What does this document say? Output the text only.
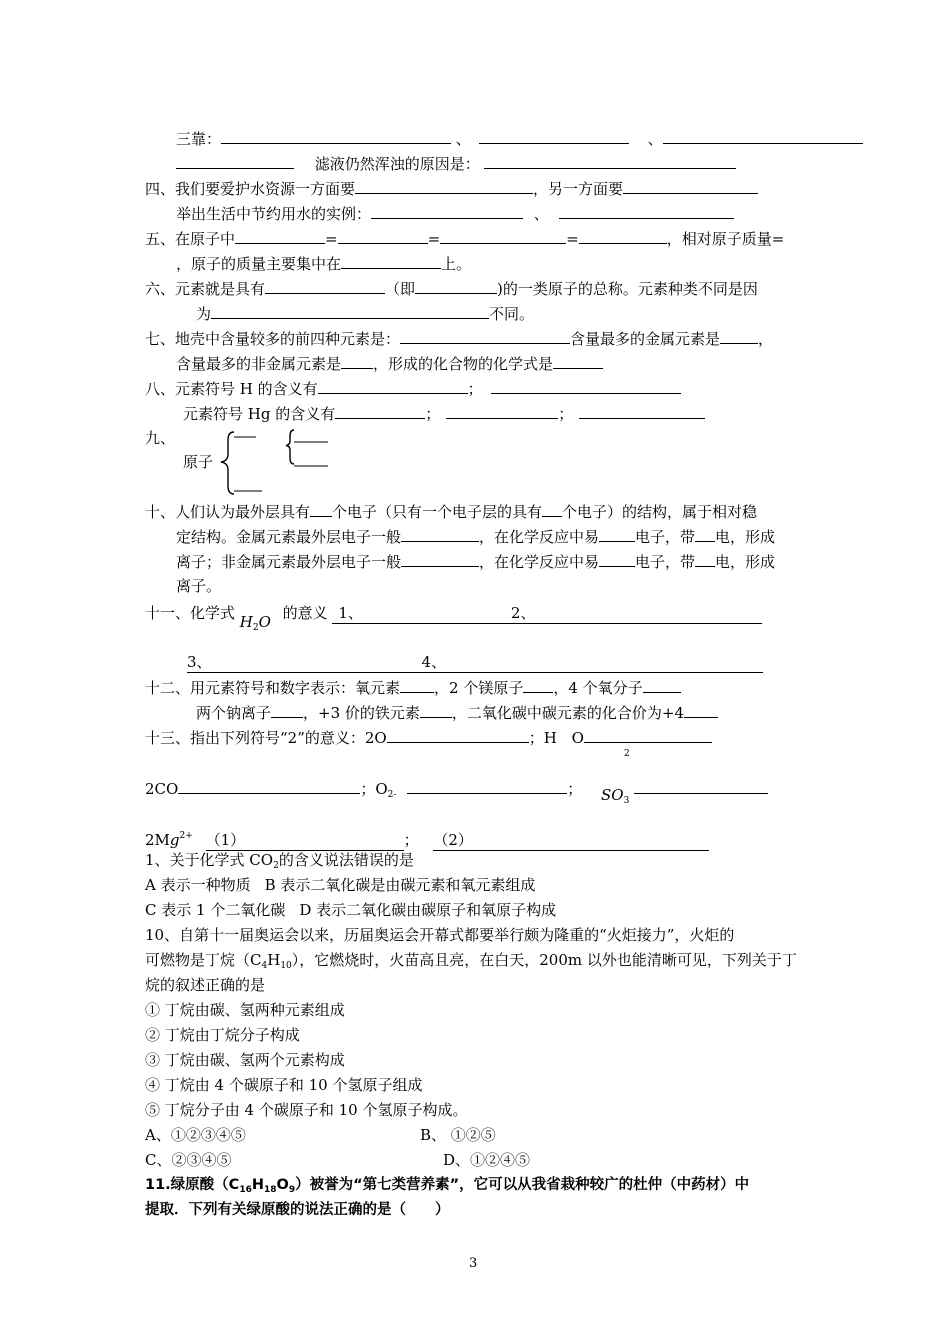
三靠：	、	、
滤液仍然浑浊的原因是：
四、我们要爱护水资源一方面要	，另一方面要
举出生活中节约用水的实例：	、
五、在原子中	=	=	=	，相对原子质量=
，原子的质量主要集中在	上。
六、元素就是具有	（即	)的一类原子的总称。元素种类不同是因
为	不同。
七、地壳中含量较多的前四种元素是：	含量最多的金属元素是	，
含量最多的非金属元素是 ，形成的化合物的化学式是
八、元素符号 H 的含义有	；
元素符号 Hg 的含义有	；	；
九、
原子
十、人们认为最外层具有 个电子（只有一个电子层的具有 个电子）的结构，属于相对稳
定结构。金属元素最外层电子一般	，在化学反应中易 电子，带 电，形成
离子；非金属元素最外层电子一般	，在化学反应中易 电子，带 电，形成
离子。
十一、化学式 $H_2O$ 的意义 1、	2、
3、	4、
十二、用元素符号和数字表示：氧元素 ，2 个镁原子 ，4 个氧分子
两个钠离子 ，+3 价的铁元素 ，二氧化碳中碳元素的化合价为+4
十三、指出下列符号“2”的意义：2O	；H O
2
2CO	；$O_{2-}$	； $SO_3$
$2Mg^{2+}$ （1）	； （2）
1、关于化学式 $CO_2$的含义说法错误的是
A 表示一种物质 B 表示二氧化碳是由碳元素和氧元素组成
C 表示 1 个二氧化碳 D 表示二氧化碳由碳原子和氧原子构成
10、自第十一届奥运会以来，历届奥运会开幕式都要举行颇为隆重的“火炬接力”，火炬的
可燃物是丁烷$(C_4H_{10})$，它燃烧时，火苗高且亮，在白天，200m 以外也能清晰可见，下列关于丁
烷的叙述正确的是
① 丁烷由碳、氢两种元素组成
② 丁烷由丁烷分子构成
③ 丁烷由碳、氢两个元素构成
④ 丁烷由 4 个碳原子和 10 个氢原子组成
⑤ 丁烷分子由 4 个碳原子和 10 个氢原子构成。
A、①②③④⑤	B、 ①②⑤
C、②③④⑤	D、①②④⑤
11.绿原酸$(C_{16}H_{18}O_9)$被誉为“第七类营养素”，它可以从我省栽种较广的杜仲（中药材）中
提取．下列有关绿原酸的说法正确的是（　　）
3
